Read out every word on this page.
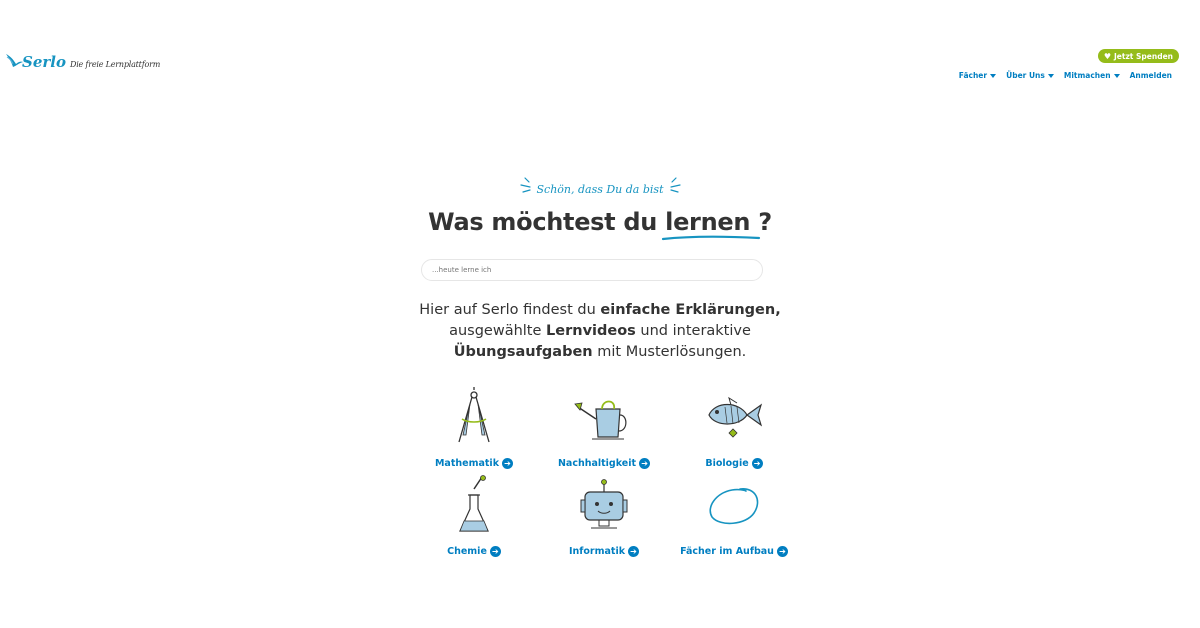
Serlo Die freie Lernplattform
♥ Jetzt Spenden
Fächer	Über Uns	Mitmachen	Anmelden
Schön, dass Du da bist
Was möchtest du lernen ?
...heute lerne ich
Hier auf Serlo findest du einfache Erklärungen,
ausgewählte Lernvideos und interaktive
Übungsaufgaben mit Musterlösungen.
Mathematik ➔	Nachhaltigkeit ➔	Biologie ➔
Chemie ➔	Informatik ➔	Fächer im Aufbau ➔
